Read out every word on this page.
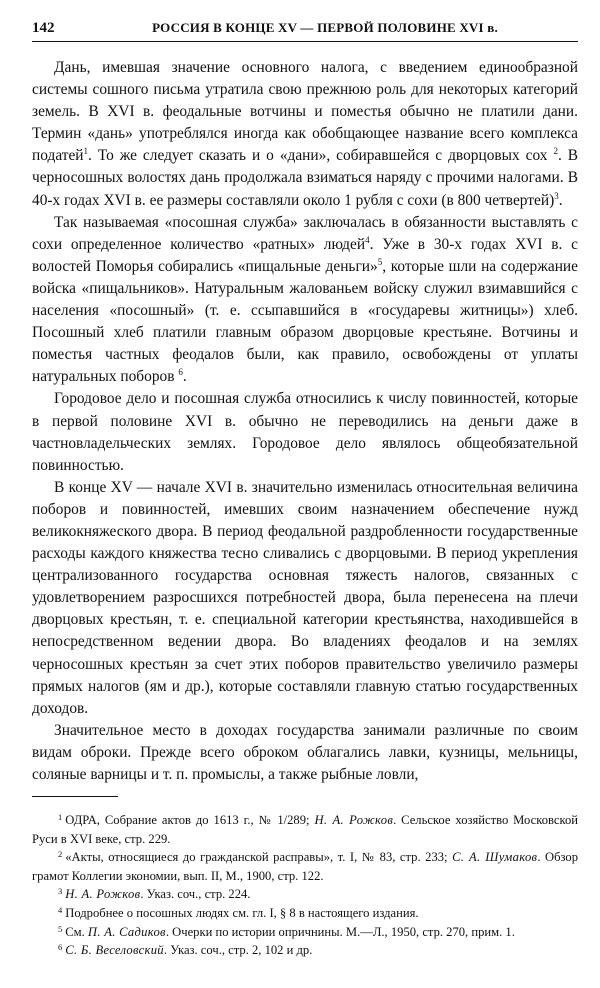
142	РОССИЯ В КОНЦЕ XV — ПЕРВОЙ ПОЛОВИНЕ XVI в.

Дань, имевшая значение основного налога, с введением единообразной системы сошного письма утратила свою прежнюю роль для некоторых категорий земель. В XVI в. феодальные вотчины и поместья обычно не платили дани. Термин «дань» употреблялся иногда как обобщающее название всего комплекса податей$^1$. То же следует сказать и о «дани», собиравшейся с дворцовых сох $^2$. В черносошных волостях дань продолжала взиматься наряду с прочими налогами. В 40-х годах XVI в. ее размеры составляли около 1 рубля с сохи (в 800 четвертей)$^3$.

Так называемая «посошная служба» заключалась в обязанности выставлять с сохи определенное количество «ратных» людей$^4$. Уже в 30-х годах XVI в. с волостей Поморья собирались «пищальные деньги»$^5$, которые шли на содержание войска «пищальников». Натуральным жалованьем войску служил взимавшийся с населения «посошный» (т. е. ссыпавшийся в «государевы житницы») хлеб. Посошный хлеб платили главным образом дворцовые крестьяне. Вотчины и поместья частных феодалов были, как правило, освобождены от уплаты натуральных поборов $^6$.

Городовое дело и посошная служба относились к числу повинностей, которые в первой половине XVI в. обычно не переводились на деньги даже в частновладельческих землях. Городовое дело являлось общеобязательной повинностью.

В конце XV — начале XVI в. значительно изменилась относительная величина поборов и повинностей, имевших своим назначением обеспечение нужд великокняжеского двора. В период феодальной раздробленности государственные расходы каждого княжества тесно сливались с дворцовыми. В период укрепления централизованного государства основная тяжесть налогов, связанных с удовлетворением разросшихся потребностей двора, была перенесена на плечи дворцовых крестьян, т. е. специальной категории крестьянства, находившейся в непосредственном ведении двора. Во владениях феодалов и на землях черносошных крестьян за счет этих поборов правительство увеличило размеры прямых налогов (ям и др.), которые составляли главную статью государственных доходов.

Значительное место в доходах государства занимали различные по своим видам оброки. Прежде всего оброком облагались лавки, кузницы, мельницы, соляные варницы и т. п. промыслы, а также рыбные ловли,

$^1$ ОДРА, Собрание актов до 1613 г., № 1/289; Н. А. Рожков. Сельское хозяйство Московской Руси в XVI веке, стр. 229.

$^2$ «Акты, относящиеся до гражданской расправы», т. I, № 83, стр. 233; С. А. Шумаков. Обзор грамот Коллегии экономии, вып. II, М., 1900, стр. 122.

$^3$ Н. А. Рожков. Указ. соч., стр. 224.

$^4$ Подробнее о посошных людях см. гл. I, § 8 в настоящего издания.

$^5$ См. П. А. Садиков. Очерки по истории опричнины. М.—Л., 1950, стр. 270, прим. 1.

$^6$ С. Б. Веселовский. Указ. соч., стр. 2, 102 и др.
